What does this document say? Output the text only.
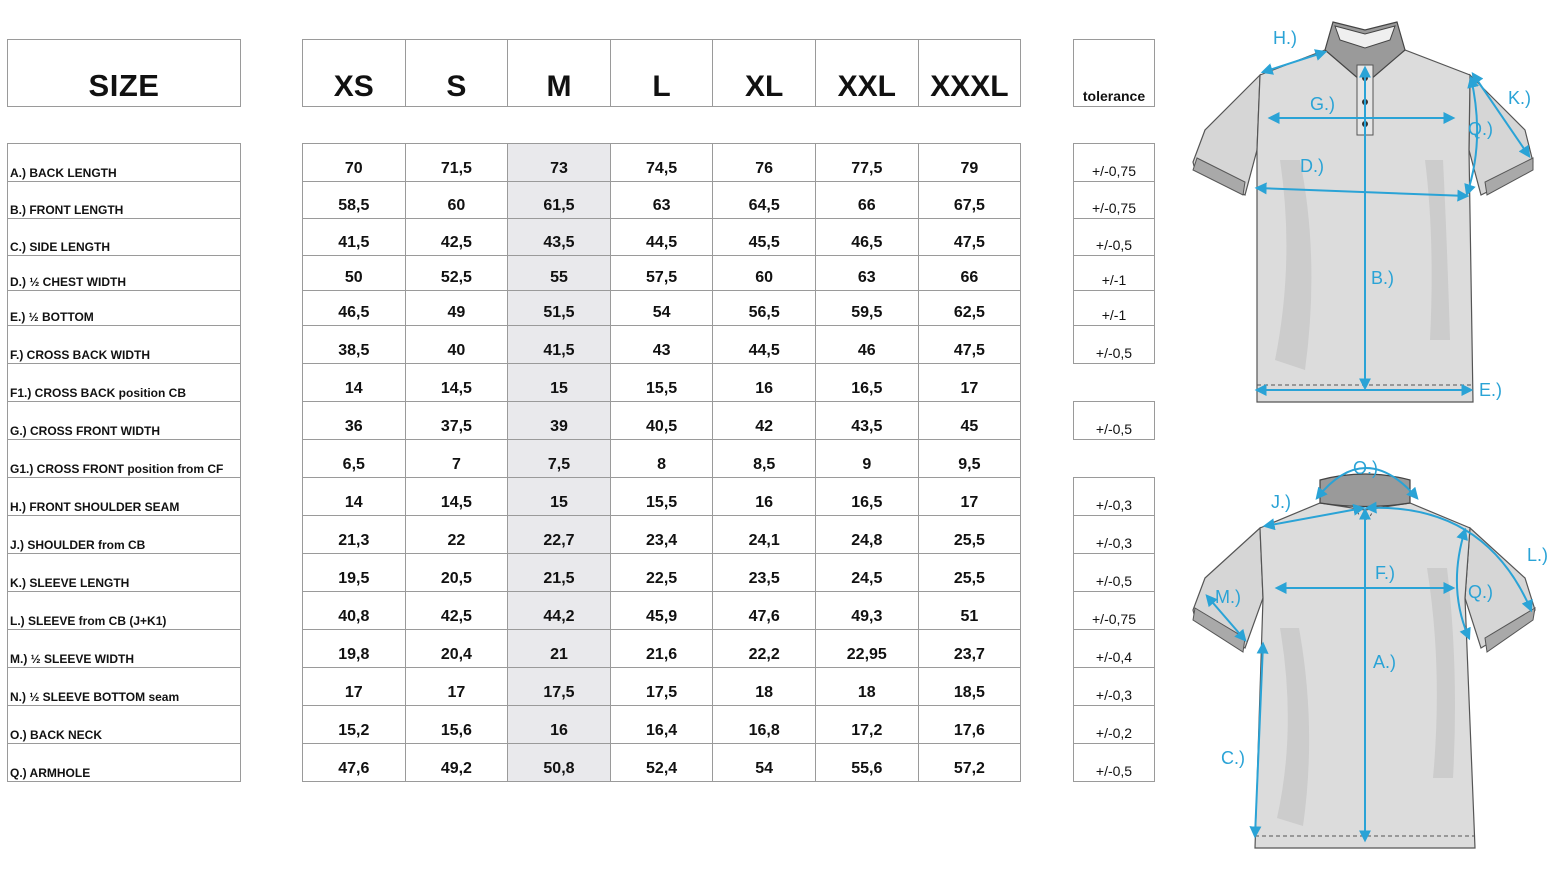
SIZE	XS	S	M	L	XL	XXL	XXXL	tolerance
A.) BACK LENGTH	70	71,5	73	74,5	76	77,5	79	+/-0,75
B.) FRONT LENGTH	58,5	60	61,5	63	64,5	66	67,5	+/-0,75
C.) SIDE LENGTH	41,5	42,5	43,5	44,5	45,5	46,5	47,5	+/-0,5
D.) ½ CHEST WIDTH	50	52,5	55	57,5	60	63	66	+/-1
E.) ½ BOTTOM	46,5	49	51,5	54	56,5	59,5	62,5	+/-1
F.) CROSS BACK WIDTH	38,5	40	41,5	43	44,5	46	47,5	+/-0,5
F1.) CROSS BACK position CB	14	14,5	15	15,5	16	16,5	17
G.) CROSS FRONT WIDTH	36	37,5	39	40,5	42	43,5	45	+/-0,5
G1.) CROSS FRONT position from CF	6,5	7	7,5	8	8,5	9	9,5
H.) FRONT SHOULDER SEAM	14	14,5	15	15,5	16	16,5	17	+/-0,3
J.) SHOULDER from CB	21,3	22	22,7	23,4	24,1	24,8	25,5	+/-0,3
K.) SLEEVE LENGTH	19,5	20,5	21,5	22,5	23,5	24,5	25,5	+/-0,5
L.) SLEEVE from CB (J+K1)	40,8	42,5	44,2	45,9	47,6	49,3	51	+/-0,75
M.) ½ SLEEVE WIDTH	19,8	20,4	21	21,6	22,2	22,95	23,7	+/-0,4
N.) ½ SLEEVE BOTTOM seam	17	17	17,5	17,5	18	18	18,5	+/-0,3
O.) BACK NECK	15,2	15,6	16	16,4	16,8	17,2	17,6	+/-0,2
Q.) ARMHOLE	47,6	49,2	50,8	52,4	54	55,6	57,2	+/-0,5
H.)
G.)
D.)
K.)
Q.)
B.)
E.)
O.)
J.)
F.)
L.)
M.)	Q.)
A.)
C.)
